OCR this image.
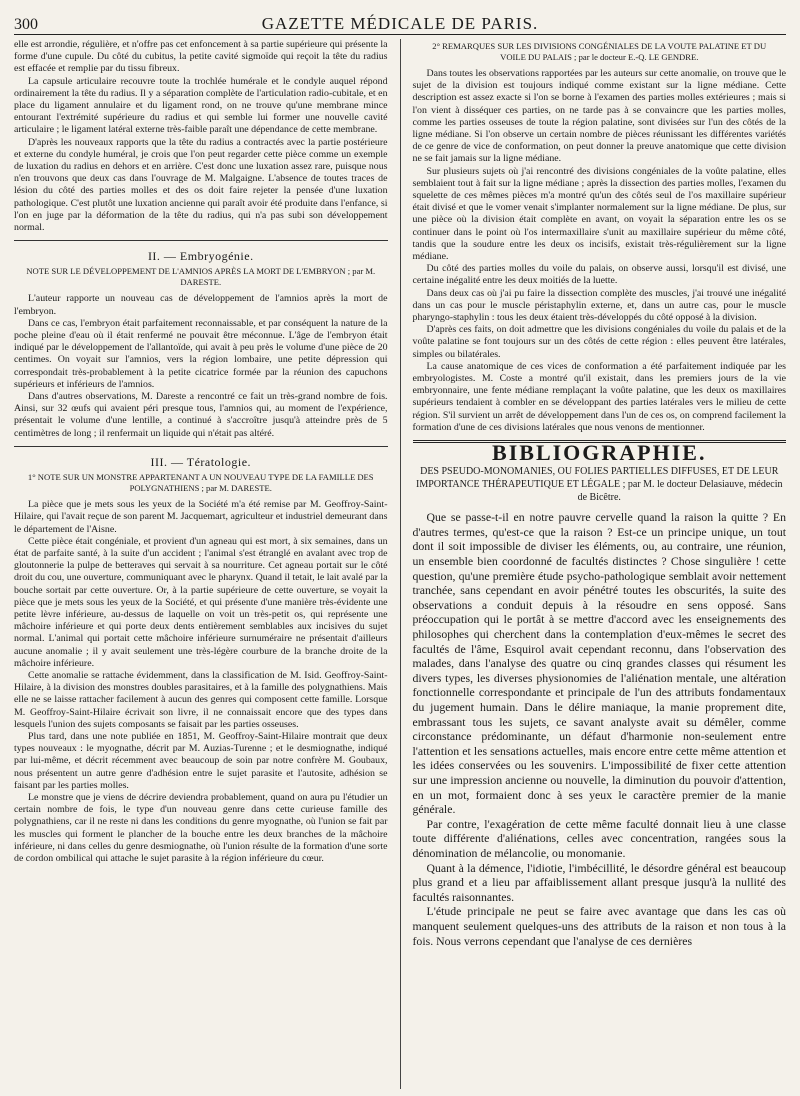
300	GAZETTE MÉDICALE DE PARIS.

elle est arrondie, régulière, et n'offre pas cet enfoncement à sa partie supérieure qui présente la forme d'une cupule. Du côté du cubitus, la petite cavité sigmoïde qui reçoit la tête du radius est effacée et remplie par du tissu fibreux.

La capsule articulaire recouvre toute la trochlée humérale et le condyle auquel répond ordinairement la tête du radius. Il y a séparation complète de l'articulation radio-cubitale, et en place du ligament annulaire et du ligament rond, on ne trouve qu'une membrane mince entourant l'extrémité supérieure du radius et qui semble lui former une nouvelle cavité articulaire ; le ligament latéral externe très-faible paraît une dépendance de cette membrane.

D'après les nouveaux rapports que la tête du radius a contractés avec la partie postérieure et externe du condyle huméral, je crois que l'on peut regarder cette pièce comme un exemple de luxation du radius en dehors et en arrière. C'est donc une luxation assez rare, puisque nous n'en trouvons que deux cas dans l'ouvrage de M. Malgaigne. L'absence de toutes traces de lésion du côté des parties molles et des os doit faire rejeter la pensée d'une luxation pathologique. C'est plutôt une luxation ancienne qui paraît avoir été produite dans l'enfance, si l'on en juge par la déformation de la tête du radius, qui n'a pas subi son développement normal.

II. — Embryogénie.
NOTE SUR LE DÉVELOPPEMENT DE L'AMNIOS APRÈS LA MORT DE L'EMBRYON ; par M. DARESTE.

L'auteur rapporte un nouveau cas de développement de l'amnios après la mort de l'embryon.

Dans ce cas, l'embryon était parfaitement reconnaissable, et par conséquent la nature de la poche pleine d'eau où il était renfermé ne pouvait être méconnue. L'âge de l'embryon était indiqué par le développement de l'allantoïde, qui avait à peu près le volume d'une pièce de 20 centimes. On voyait sur l'amnios, vers la région lombaire, une petite dépression qui correspondait très-probablement à la petite cicatrice formée par la réunion des capuchons supérieurs et inférieurs de l'amnios.

Dans d'autres observations, M. Dareste a rencontré ce fait un très-grand nombre de fois. Ainsi, sur 32 œufs qui avaient péri presque tous, l'amnios qui, au moment de l'expérience, présentait le volume d'une lentille, a continué à s'accroître jusqu'à atteindre près de 5 centimètres de long ; il renfermait un liquide qui n'était pas altéré.

III. — Tératologie.
1° NOTE SUR UN MONSTRE APPARTENANT A UN NOUVEAU TYPE DE LA FAMILLE DES POLYGNATHIENS ; par M. DARESTE.

La pièce que je mets sous les yeux de la Société m'a été remise par M. Geoffroy-Saint-Hilaire, qui l'avait reçue de son parent M. Jacquemart, agriculteur et industriel demeurant dans le département de l'Aisne.

Cette pièce était congéniale, et provient d'un agneau qui est mort, à six semaines, dans un état de parfaite santé, à la suite d'un accident ; l'animal s'est étranglé en avalant avec trop de gloutonnerie la pulpe de betteraves qui servait à sa nourriture. Cet agneau portait sur le côté droit du cou, une ouverture, communiquant avec le pharynx. Quand il tetait, le lait avalé par la bouche sortait par cette ouverture. Or, à la partie supérieure de cette ouverture, se voyait la pièce que je mets sous les yeux de la Société, et qui présente d'une manière très-évidente une petite lèvre inférieure, au-dessus de laquelle on voit un très-petit os, qui représente une mâchoire inférieure et qui porte deux dents entièrement semblables aux incisives du sujet normal. L'animal qui portait cette mâchoire inférieure surnuméraire ne présentait d'ailleurs aucune anomalie ; il y avait seulement une très-légère courbure de la branche droite de la mâchoire inférieure.

Cette anomalie se rattache évidemment, dans la classification de M. Isid. Geoffroy-Saint-Hilaire, à la division des monstres doubles parasitaires, et à la famille des polygnathiens. Mais elle ne se laisse rattacher facilement à aucun des genres qui composent cette famille. Lorsque M. Geoffroy-Saint-Hilaire écrivait son livre, il ne connaissait encore que des types dans lesquels l'union des sujets composants se faisait par les parties osseuses.

Plus tard, dans une note publiée en 1851, M. Geoffroy-Saint-Hilaire montrait que deux types nouveaux : le myognathe, décrit par M. Auzias-Turenne ; et le desmiognathe, indiqué par lui-même, et décrit récemment avec beaucoup de soin par notre confrère M. Goubaux, nous présentent un autre genre d'adhésion entre le sujet parasite et l'autosite, adhésion se faisant par les parties molles.

Le monstre que je viens de décrire deviendra probablement, quand on aura pu l'étudier un certain nombre de fois, le type d'un nouveau genre dans cette curieuse famille des polygnathiens, car il ne reste ni dans les conditions du genre myognathe, où l'union se fait par les muscles qui forment le plancher de la bouche entre les deux branches de la mâchoire inférieure, ni dans celles du genre desmiognathe, où l'union résulte de la formation d'une sorte de cordon ombilical qui attache le sujet parasite à la région inférieure du cœur.

2° REMARQUES SUR LES DIVISIONS CONGÉNIALES DE LA VOUTE PALATINE ET DU VOILE DU PALAIS ; par le docteur E.-Q. LE GENDRE.

Dans toutes les observations rapportées par les auteurs sur cette anomalie, on trouve que le sujet de la division est toujours indiqué comme existant sur la ligne médiane. Cette description est assez exacte si l'on se borne à l'examen des parties molles extérieures ; mais si l'on vient à disséquer ces parties, on ne tarde pas à se convaincre que les parties molles, comme les parties osseuses de toute la région palatine, sont divisées sur l'un des côtés de la ligne médiane. Si l'on observe un certain nombre de pièces réunissant les différentes variétés de ce genre de vice de conformation, on peut donner la preuve anatomique que cette division ne se fait jamais sur la ligne médiane.

Sur plusieurs sujets où j'ai rencontré des divisions congéniales de la voûte palatine, elles semblaient tout à fait sur la ligne médiane ; après la dissection des parties molles, l'examen du squelette de ces mêmes pièces m'a montré qu'un des côtés seul de l'os maxillaire supérieur était divisé et que le vomer venait s'implanter normalement sur la ligne médiane. De plus, sur une pièce où la division était complète en avant, on voyait la séparation entre les os se continuer dans le point où l'os intermaxillaire s'unit au maxillaire supérieur du même côté, tandis que la soudure entre les deux os incisifs, existait très-régulièrement sur la ligne médiane.

Du côté des parties molles du voile du palais, on observe aussi, lorsqu'il est divisé, une certaine inégalité entre les deux moitiés de la luette.

Dans deux cas où j'ai pu faire la dissection complète des muscles, j'ai trouvé une inégalité dans un cas pour le muscle péristaphylin externe, et, dans un autre cas, pour le muscle pharyngo-staphylin : tous les deux étaient très-développés du côté opposé à la division.

D'après ces faits, on doit admettre que les divisions congéniales du voile du palais et de la voûte palatine se font toujours sur un des côtés de cette région : elles peuvent être latérales, simples ou bilatérales.

La cause anatomique de ces vices de conformation a été parfaitement indiquée par les embryologistes. M. Coste a montré qu'il existait, dans les premiers jours de la vie embryonnaire, une fente médiane remplaçant la voûte palatine, que les deux os maxillaires supérieurs tendaient à combler en se développant des parties latérales vers le milieu de cette région. S'il survient un arrêt de développement dans l'un de ces os, on comprend facilement la formation d'une de ces divisions latérales que nous venons de mentionner.

BIBLIOGRAPHIE.
DES PSEUDO-MONOMANIES, OU FOLIES PARTIELLES DIFFUSES, ET DE LEUR IMPORTANCE THÉRAPEUTIQUE ET LÉGALE ; par M. le docteur Delasiauve, médecin de Bicêtre.

Que se passe-t-il en notre pauvre cervelle quand la raison la quitte ? En d'autres termes, qu'est-ce que la raison ? Est-ce un principe unique, un tout dont il soit impossible de diviser les éléments, ou, au contraire, une réunion, un ensemble bien coordonné de facultés distinctes ? Chose singulière ! cette question, qu'une première étude psycho-pathologique semblait avoir nettement tranchée, sans cependant en avoir pénétré toutes les obscurités, la suite des observations a conduit depuis à la résoudre en sens opposé. Sans préoccupation qui le portât à se mettre d'accord avec les enseignements des philosophes qui cherchent dans la contemplation d'eux-mêmes le secret des facultés de l'âme, Esquirol avait cependant reconnu, dans l'observation des malades, dans l'analyse des quatre ou cinq grandes classes qui résument les divers types, les diverses physionomies de l'aliénation mentale, une altération fonctionnelle correspondante et principale de l'un des attributs fondamentaux du jugement humain. Dans le délire maniaque, la manie proprement dite, embrassant tous les sujets, ce savant analyste avait su démêler, comme circonstance prédominante, un défaut d'harmonie non-seulement entre l'attention et les sensations actuelles, mais encore entre cette même attention et les idées conservées ou les souvenirs. L'impossibilité de fixer cette attention sur une impression ancienne ou nouvelle, la diminution du pouvoir d'attention, en un mot, formaient donc à ses yeux le caractère premier de la manie générale.

Par contre, l'exagération de cette même faculté donnait lieu à une classe toute différente d'aliénations, celles avec concentration, rangées sous la dénomination de mélancolie, ou monomanie.

Quant à la démence, l'idiotie, l'imbécillité, le désordre général est beaucoup plus grand et a lieu par affaiblissement allant presque jusqu'à la nullité des facultés raisonnantes.

L'étude principale ne peut se faire avec avantage que dans les cas où manquent seulement quelques-uns des attributs de la raison et non tous à la fois. Nous verrons cependant que l'analyse de ces dernières
